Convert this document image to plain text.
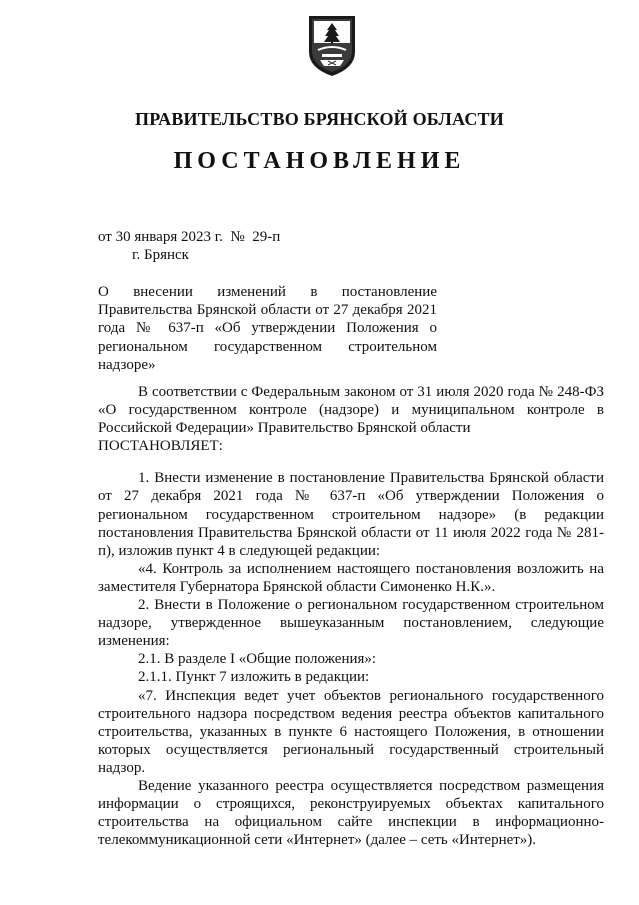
ПРАВИТЕЛЬСТВО БРЯНСКОЙ ОБЛАСТИ
ПОСТАНОВЛЕНИЕ
от 30 января 2023 г.  №  29-п
г. Брянск
О внесении изменений в постановление Правительства Брянской области от 27 декабря 2021 года № 637-п «Об утверждении Положения о региональном государственном строительном надзоре»

В соответствии с Федеральным законом от 31 июля 2020 года № 248-ФЗ «О государственном контроле (надзоре) и муниципальном контроле в Российской Федерации» Правительство Брянской области

ПОСТАНОВЛЯЕТ:

1. Внести изменение в постановление Правительства Брянской области от 27 декабря 2021 года № 637-п «Об утверждении Положения о региональном государственном строительном надзоре» (в редакции постановления Правительства Брянской области от 11 июля 2022 года № 281-п), изложив пункт 4 в следующей редакции:

«4. Контроль за исполнением настоящего постановления возложить на заместителя Губернатора Брянской области Симоненко Н.К.».

2. Внести в Положение о региональном государственном строительном надзоре, утвержденное вышеуказанным постановлением, следующие изменения:

2.1. В разделе I «Общие положения»:

2.1.1. Пункт 7 изложить в редакции:

«7. Инспекция ведет учет объектов регионального государственного строительного надзора посредством ведения реестра объектов капитального строительства, указанных в пункте 6 настоящего Положения, в отношении которых осуществляется региональный государственный строительный надзор.

Ведение указанного реестра осуществляется посредством размещения информации о строящихся, реконструируемых объектах капитального строительства на официальном сайте инспекции в информационно-телекоммуникационной сети «Интернет» (далее – сеть «Интернет»).
